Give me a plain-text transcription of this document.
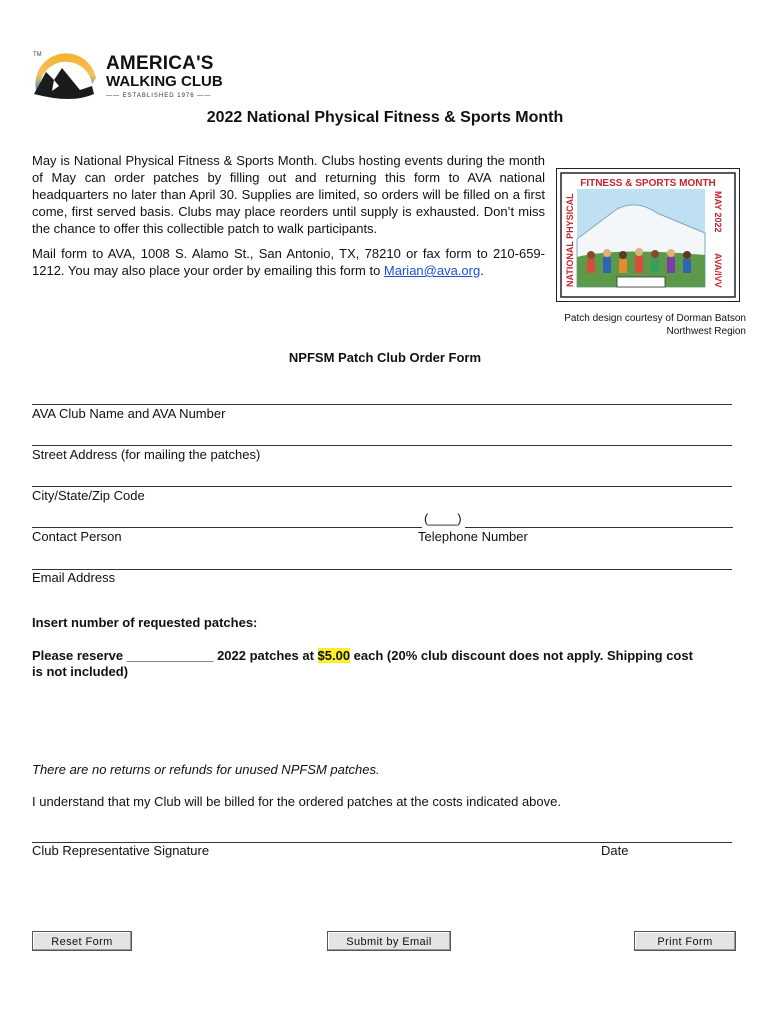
TM	AMERICA'S
WALKING CLUB
—— ESTABLISHED 1976 ——
2022 National Physical Fitness & Sports Month

May is National Physical Fitness & Sports Month. Clubs hosting events during the month of May can order patches by filling out and returning this form to AVA national headquarters no later than April 30. Supplies are limited, so orders will be filled on a first come, first served basis. Clubs may place reorders until supply is exhausted. Don’t miss the chance to offer this collectible patch to walk participants.

Mail form to AVA, 1008 S. Alamo St., San Antonio, TX, 78210 or fax form to 210-659-1212. You may also place your order by emailing this form to Marian@ava.org.

FITNESS & SPORTS MONTH
NATIONAL PHYSICAL	MAY 2022
AVA/IVV
Patch design courtesy of Dorman Batson
Northwest Region
NPFSM Patch Club Order Form
AVA Club Name and AVA Number
Street Address (for mailing the patches)
City/State/Zip Code
(____)
Contact Person	Telephone Number
Email Address
Insert number of requested patches:
Please reserve ____________ 2022 patches at $5.00 each (20% club discount does not apply. Shipping cost
is not included)
There are no returns or refunds for unused NPFSM patches.
I understand that my Club will be billed for the ordered patches at the costs indicated above.
Club Representative Signature	Date
Reset Form	Submit by Email	Print Form
